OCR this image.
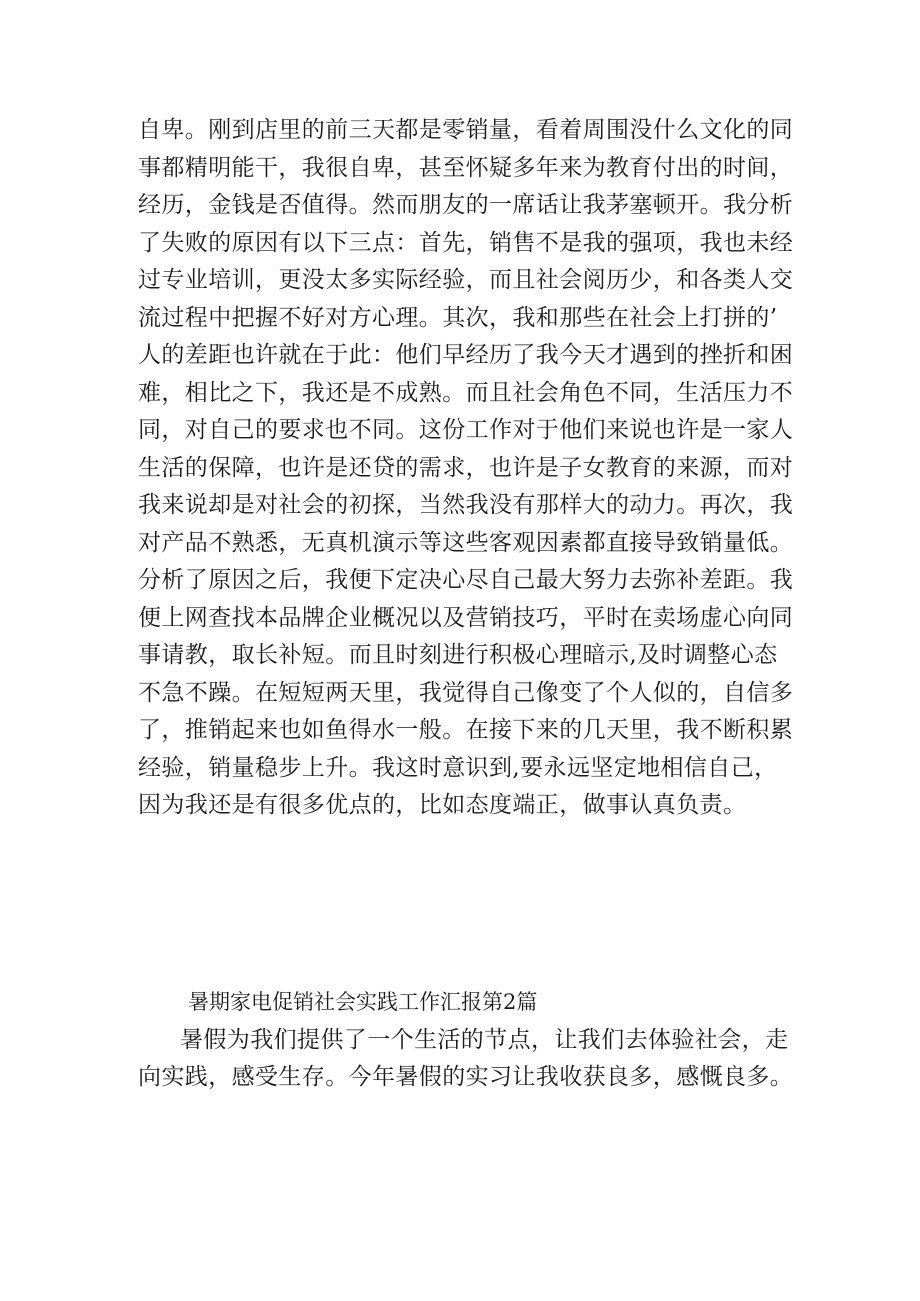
自卑。刚到店里的前三天都是零销量，看着周围没什么文化的同
事都精明能干，我很自卑，甚至怀疑多年来为教育付出的时间，
经历，金钱是否值得。然而朋友的一席话让我茅塞顿开。我分析
了失败的原因有以下三点：首先，销售不是我的强项，我也未经
过专业培训，更没太多实际经验，而且社会阅历少，和各类人交
流过程中把握不好对方心理。其次，我和那些在社会上打拼的’
人的差距也许就在于此：他们早经历了我今天才遇到的挫折和困
难，相比之下，我还是不成熟。而且社会角色不同，生活压力不
同，对自己的要求也不同。这份工作对于他们来说也许是一家人
生活的保障，也许是还贷的需求，也许是子女教育的来源，而对
我来说却是对社会的初探，当然我没有那样大的动力。再次，我
对产品不熟悉，无真机演示等这些客观因素都直接导致销量低。
分析了原因之后，我便下定决心尽自己最大努力去弥补差距。我
便上网查找本品牌企业概况以及营销技巧，平时在卖场虚心向同
事请教，取长补短。而且时刻进行积极心理暗示,及时调整心态
不急不躁。在短短两天里，我觉得自己像变了个人似的，自信多
了，推销起来也如鱼得水一般。在接下来的几天里，我不断积累
经验，销量稳步上升。我这时意识到,要永远坚定地相信自己，
因为我还是有很多优点的，比如态度端正，做事认真负责。
暑期家电促销社会实践工作汇报第2篇
暑假为我们提供了一个生活的节点，让我们去体验社会，走
向实践，感受生存。今年暑假的实习让我收获良多，感慨良多。
